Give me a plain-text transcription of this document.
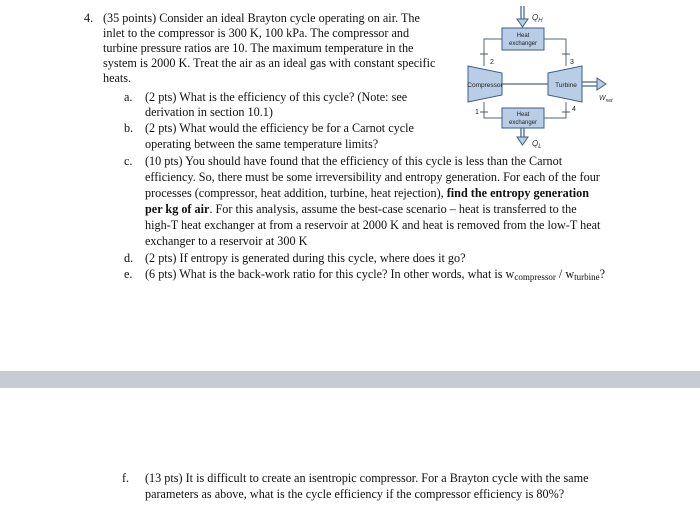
4. (35 points) Consider an ideal Brayton cycle operating on air. The
inlet to the compressor is 300 K, 100 kPa. The compressor and
turbine pressure ratios are 10. The maximum temperature in the
system is 2000 K. Treat the air as an ideal gas with constant specific
heats.
a. (2 pts) What is the efficiency of this cycle? (Note: see
derivation in section 10.1)
b. (2 pts) What would the efficiency be for a Carnot cycle
operating between the same temperature limits?
c. (10 pts) You should have found that the efficiency of this cycle is less than the Carnot
efficiency. So, there must be some irreversibility and entropy generation. For each of the four
processes (compressor, heat addition, turbine, heat rejection), find the entropy generation
per kg of air. For this analysis, assume the best-case scenario – heat is transferred to the
high-T heat exchanger at from a reservoir at 2000 K and heat is removed from the low-T heat
exchanger to a reservoir at 300 K
d. (2 pts) If entropy is generated during this cycle, where does it go?
e. (6 pts) What is the back-work ratio for this cycle? In other words, what is $w_{compressor} / w_{turbine}$?
f. (13 pts) It is difficult to create an isentropic compressor. For a Brayton cycle with the same
parameters as above, what is the cycle efficiency if the compressor efficiency is 80%?
$Q_H$
Heat
exchanger
Compressor	Turbine
$W_{net}$
Heat
exchanger
$Q_L$
1
2	3
4
